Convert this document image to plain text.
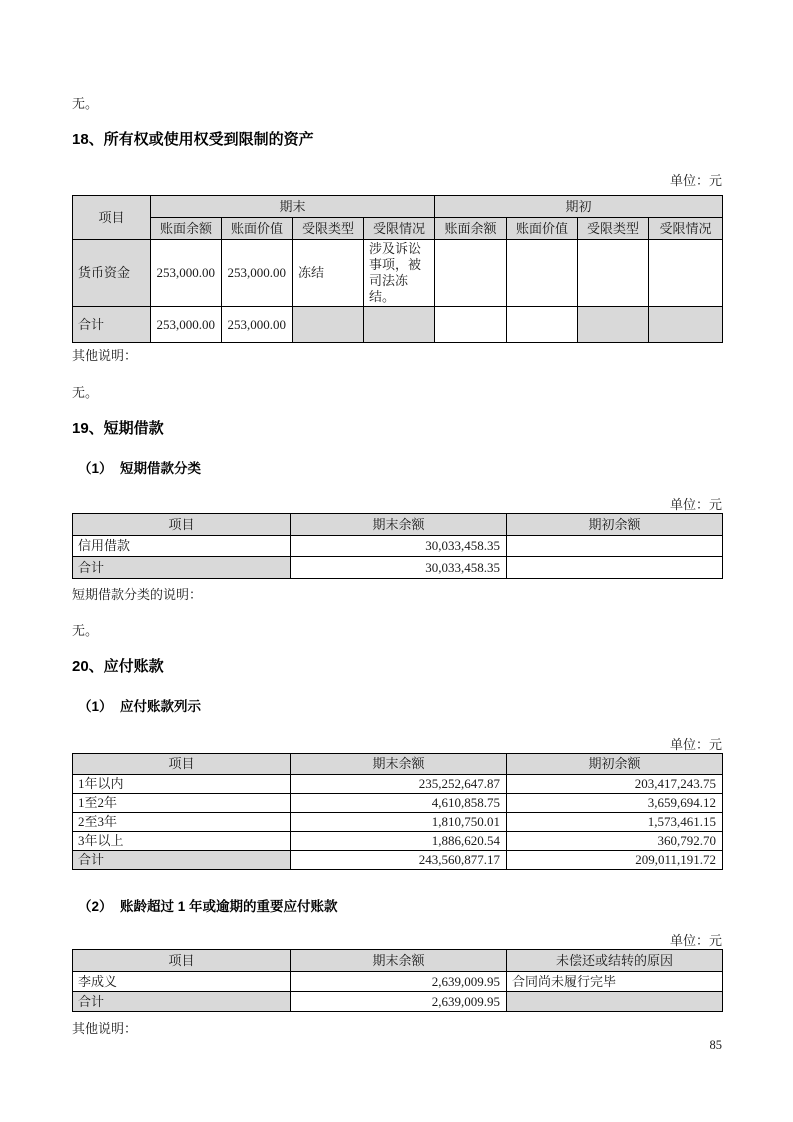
无。

18、所有权或使用权受到限制的资产

单位：元

项目	期末				期初			
	账面余额	账面价值	受限类型	受限情况	账面余额	账面价值	受限类型	受限情况
货币资金	253,000.00	253,000.00	冻结	涉及诉讼事项，被司法冻结。				
合计	253,000.00	253,000.00						

其他说明：

无。

19、短期借款
（1）  短期借款分类

单位：元

项目	期末余额	期初余额
信用借款	30,033,458.35	
合计	30,033,458.35	

短期借款分类的说明：

无。

20、应付账款
（1）  应付账款列示

单位：元

项目	期末余额	期初余额
1年以内	235,252,647.87	203,417,243.75
1至2年	4,610,858.75	3,659,694.12
2至3年	1,810,750.01	1,573,461.15
3年以上	1,886,620.54	360,792.70
合计	243,560,877.17	209,011,191.72
（2）  账龄超过 1 年或逾期的重要应付账款

单位：元

项目	期末余额	未偿还或结转的原因
李成义	2,639,009.95	合同尚未履行完毕
合计	2,639,009.95	

其他说明：

85
